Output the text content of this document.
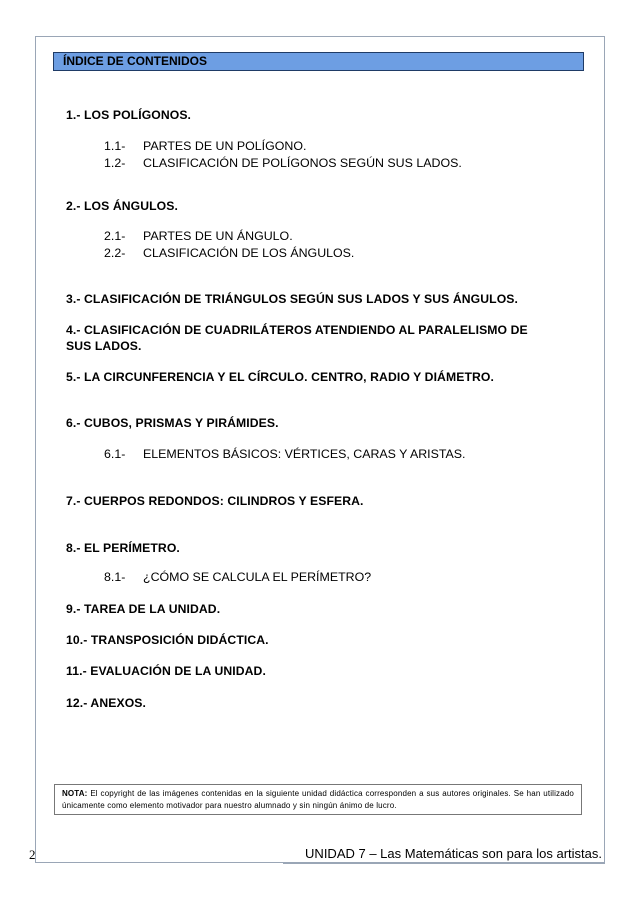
ÍNDICE DE CONTENIDOS
1.- LOS POLÍGONOS.
1.1- PARTES DE UN POLÍGONO.
1.2- CLASIFICACIÓN DE POLÍGONOS SEGÚN SUS LADOS.
2.- LOS ÁNGULOS.
2.1- PARTES DE UN ÁNGULO.
2.2- CLASIFICACIÓN DE LOS ÁNGULOS.
3.- CLASIFICACIÓN DE TRIÁNGULOS SEGÚN SUS LADOS Y SUS ÁNGULOS.
4.- CLASIFICACIÓN DE CUADRILÁTEROS ATENDIENDO AL PARALELISMO DE
SUS LADOS.
5.- LA CIRCUNFERENCIA Y EL CÍRCULO. CENTRO, RADIO Y DIÁMETRO.
6.- CUBOS, PRISMAS Y PIRÁMIDES.
6.1- ELEMENTOS BÁSICOS: VÉRTICES, CARAS Y ARISTAS.
7.- CUERPOS REDONDOS: CILINDROS Y ESFERA.
8.- EL PERÍMETRO.
8.1- ¿CÓMO SE CALCULA EL PERÍMETRO?
9.- TAREA DE LA UNIDAD.
10.- TRANSPOSICIÓN DIDÁCTICA.
11.- EVALUACIÓN DE LA UNIDAD.
12.- ANEXOS.
NOTA: El copyright de las imágenes contenidas en la siguiente unidad didáctica corresponden a sus autores originales. Se han utilizado únicamente como elemento motivador para nuestro alumnado y sin ningún ánimo de lucro.
2	UNIDAD 7 – Las Matemáticas son para los artistas.
